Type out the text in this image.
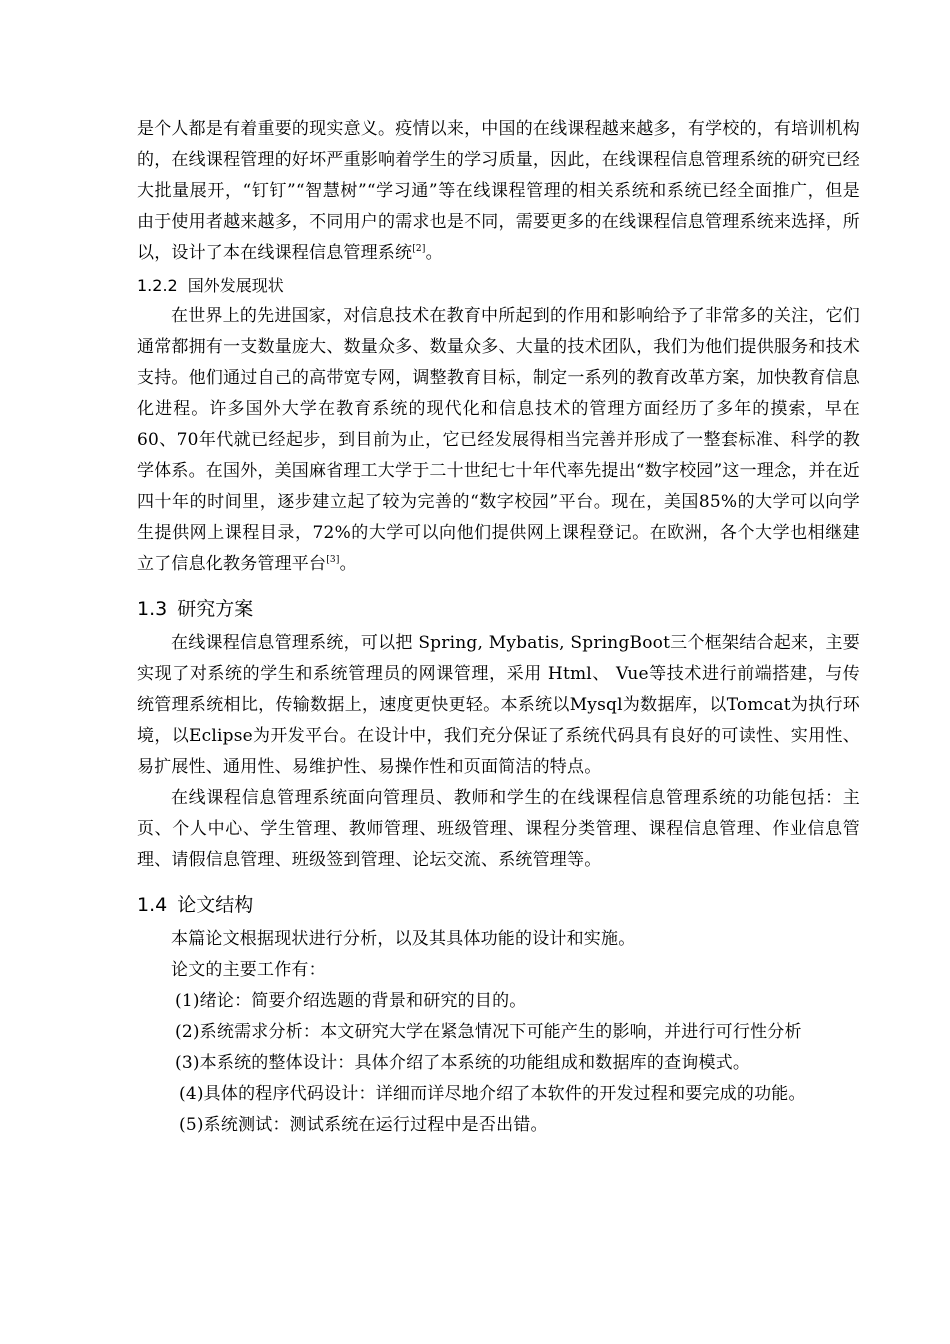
是个人都是有着重要的现实意义。疫情以来，中国的在线课程越来越多，有学校的，有培训机构的，在线课程管理的好坏严重影响着学生的学习质量，因此，在线课程信息管理系统的研究已经大批量展开，“钉钉”“智慧树”“学习通”等在线课程管理的相关系统和系统已经全面推广，但是由于使用者越来越多，不同用户的需求也是不同，需要更多的在线课程信息管理系统来选择，所以，设计了本在线课程信息管理系统[2]。

1.2.2 国外发展现状

在世界上的先进国家，对信息技术在教育中所起到的作用和影响给予了非常多的关注，它们通常都拥有一支数量庞大、数量众多、数量众多、大量的技术团队，我们为他们提供服务和技术支持。他们通过自己的高带宽专网，调整教育目标，制定一系列的教育改革方案，加快教育信息化进程。许多国外大学在教育系统的现代化和信息技术的管理方面经历了多年的摸索，早在60、70年代就已经起步，到目前为止，它已经发展得相当完善并形成了一整套标准、科学的教学体系。在国外，美国麻省理工大学于二十世纪七十年代率先提出“数字校园”这一理念，并在近四十年的时间里，逐步建立起了较为完善的“数字校园”平台。现在，美国85%的大学可以向学生提供网上课程目录，72%的大学可以向他们提供网上课程登记。在欧洲，各个大学也相继建立了信息化教务管理平台[3]。

1.3 研究方案

在线课程信息管理系统，可以把 Spring, Mybatis, SpringBoot三个框架结合起来，主要实现了对系统的学生和系统管理员的网课管理，采用 Html、 Vue等技术进行前端搭建，与传统管理系统相比，传输数据上，速度更快更轻。本系统以Mysql为数据库，以Tomcat为执行环境，以Eclipse为开发平台。在设计中，我们充分保证了系统代码具有良好的可读性、实用性、易扩展性、通用性、易维护性、易操作性和页面简洁的特点。

在线课程信息管理系统面向管理员、教师和学生的在线课程信息管理系统的功能包括：主页、个人中心、学生管理、教师管理、班级管理、课程分类管理、课程信息管理、作业信息管理、请假信息管理、班级签到管理、论坛交流、系统管理等。

1.4 论文结构

本篇论文根据现状进行分析，以及其具体功能的设计和实施。

论文的主要工作有：

(1)绪论：简要介绍选题的背景和研究的目的。

(2)系统需求分析：本文研究大学在紧急情况下可能产生的影响，并进行可行性分析

(3)本系统的整体设计：具体介绍了本系统的功能组成和数据库的查询模式。

(4)具体的程序代码设计：详细而详尽地介绍了本软件的开发过程和要完成的功能。

(5)系统测试：测试系统在运行过程中是否出错。
